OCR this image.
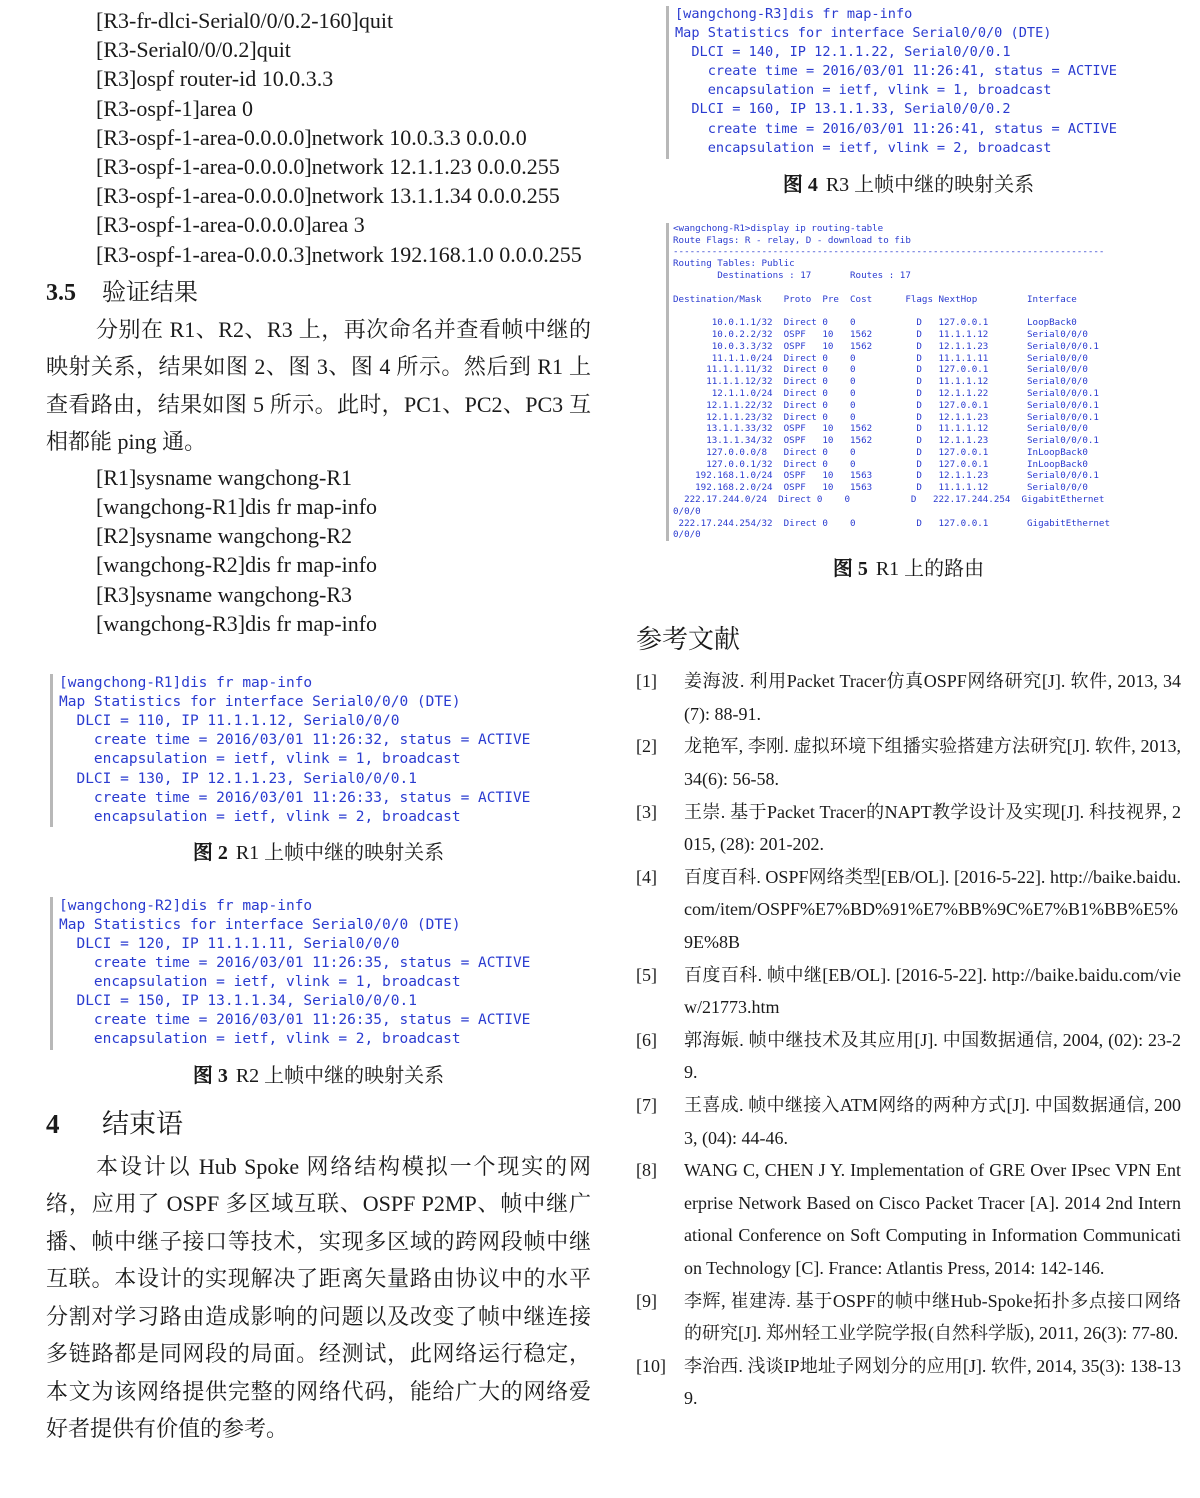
[R3-fr-dlci-Serial0/0/0.2-160]quit
[R3-Serial0/0/0.2]quit
[R3]ospf router-id 10.0.3.3
[R3-ospf-1]area 0
[R3-ospf-1-area-0.0.0.0]network 10.0.3.3 0.0.0.0
[R3-ospf-1-area-0.0.0.0]network 12.1.1.23 0.0.0.255
[R3-ospf-1-area-0.0.0.0]network 13.1.1.34 0.0.0.255
[R3-ospf-1-area-0.0.0.0]area 3
[R3-ospf-1-area-0.0.0.3]network 192.168.1.0 0.0.0.255
3.5 验证结果

分别在 R1、R2、R3 上，再次命名并查看帧中继的映射关系，结果如图 2、图 3、图 4 所示。然后到 R1 上查看路由，结果如图 5 所示。此时，PC1、PC2、PC3 互相都能 ping 通。

[R1]sysname wangchong-R1
[wangchong-R1]dis fr map-info
[R2]sysname wangchong-R2
[wangchong-R2]dis fr map-info
[R3]sysname wangchong-R3
[wangchong-R3]dis fr map-info
[wangchong-R1]dis fr map-info
Map Statistics for interface Serial0/0/0 (DTE)
DLCI = 110, IP 11.1.1.12, Serial0/0/0
create time = 2016/03/01 11:26:32, status = ACTIVE
encapsulation = ietf, vlink = 1, broadcast
DLCI = 130, IP 12.1.1.23, Serial0/0/0.1
create time = 2016/03/01 11:26:33, status = ACTIVE
encapsulation = ietf, vlink = 2, broadcast
图 2 R1 上帧中继的映射关系
[wangchong-R2]dis fr map-info
Map Statistics for interface Serial0/0/0 (DTE)
DLCI = 120, IP 11.1.1.11, Serial0/0/0
create time = 2016/03/01 11:26:35, status = ACTIVE
encapsulation = ietf, vlink = 1, broadcast
DLCI = 150, IP 13.1.1.34, Serial0/0/0.1
create time = 2016/03/01 11:26:35, status = ACTIVE
encapsulation = ietf, vlink = 2, broadcast
图 3 R2 上帧中继的映射关系
4 结束语

本设计以 Hub Spoke 网络结构模拟一个现实的网络，应用了 OSPF 多区域互联、OSPF P2MP、帧中继广播、帧中继子接口等技术，实现多区域的跨网段帧中继互联。本设计的实现解决了距离矢量路由协议中的水平分割对学习路由造成影响的问题以及改变了帧中继连接多链路都是同网段的局面。经测试，此网络运行稳定，本文为该网络提供完整的网络代码，能给广大的网络爱好者提供有价值的参考。

[wangchong-R3]dis fr map-info
Map Statistics for interface Serial0/0/0 (DTE)
DLCI = 140, IP 12.1.1.22, Serial0/0/0.1
create time = 2016/03/01 11:26:41, status = ACTIVE
encapsulation = ietf, vlink = 1, broadcast
DLCI = 160, IP 13.1.1.33, Serial0/0/0.2
create time = 2016/03/01 11:26:41, status = ACTIVE
encapsulation = ietf, vlink = 2, broadcast
图 4 R3 上帧中继的映射关系
<wangchong-R1>display ip routing-table
Route Flags: R - relay, D - download to fib
------------------------------------------------------------------------------
Routing Tables: Public
Destinations : 17       Routes : 17
Destination/Mask    Proto  Pre  Cost      Flags NextHop         Interface
10.0.1.1/32  Direct 0    0           D   127.0.0.1       LoopBack0
10.0.2.2/32  OSPF   10   1562        D   11.1.1.12       Serial0/0/0
10.0.3.3/32  OSPF   10   1562        D   12.1.1.23       Serial0/0/0.1
11.1.1.0/24  Direct 0    0           D   11.1.1.11       Serial0/0/0
11.1.1.11/32  Direct 0    0           D   127.0.0.1       Serial0/0/0
11.1.1.12/32  Direct 0    0           D   11.1.1.12       Serial0/0/0
12.1.1.0/24  Direct 0    0           D   12.1.1.22       Serial0/0/0.1
12.1.1.22/32  Direct 0    0           D   127.0.0.1       Serial0/0/0.1
12.1.1.23/32  Direct 0    0           D   12.1.1.23       Serial0/0/0.1
13.1.1.33/32  OSPF   10   1562        D   11.1.1.12       Serial0/0/0
13.1.1.34/32  OSPF   10   1562        D   12.1.1.23       Serial0/0/0.1
127.0.0.0/8   Direct 0    0           D   127.0.0.1       InLoopBack0
127.0.0.1/32  Direct 0    0           D   127.0.0.1       InLoopBack0
192.168.1.0/24  OSPF   10   1563        D   12.1.1.23       Serial0/0/0.1
192.168.2.0/24  OSPF   10   1563        D   11.1.1.12       Serial0/0/0
222.17.244.0/24  Direct 0    0           D   222.17.244.254  GigabitEthernet
0/0/0
222.17.244.254/32  Direct 0    0           D   127.0.0.1       GigabitEthernet
0/0/0
图 5 R1 上的路由
参考文献
[1]	姜海波. 利用Packet Tracer仿真OSPF网络研究[J]. 软件, 2013, 34(7): 88-91.
[2]	龙艳军, 李刚. 虚拟环境下组播实验搭建方法研究[J]. 软件, 2013, 34(6): 56-58.
[3]	王崇. 基于Packet Tracer的NAPT教学设计及实现[J]. 科技视界, 2015, (28): 201-202.
[4]	百度百科. OSPF网络类型[EB/OL]. [2016-5-22]. http://baike.baidu.com/item/OSPF%E7%BD%91%E7%BB%9C%E7%B1%BB%E5%9E%8B
[5]	百度百科. 帧中继[EB/OL]. [2016-5-22]. http://baike.baidu.com/view/21773.htm
[6]	郭海娠. 帧中继技术及其应用[J]. 中国数据通信, 2004, (02): 23-29.
[7]	王喜成. 帧中继接入ATM网络的两种方式[J]. 中国数据通信, 2003, (04): 44-46.
[8]	WANG C, CHEN J Y. Implementation of GRE Over IPsec VPN Enterprise Network Based on Cisco Packet Tracer [A]. 2014 2nd International Conference on Soft Computing in Information Communication Technology [C]. France: Atlantis Press, 2014: 142-146.
[9]	李辉, 崔建涛. 基于OSPF的帧中继Hub-Spoke拓扑多点接口网络的研究[J]. 郑州轻工业学院学报(自然科学版), 2011, 26(3): 77-80.
[10]	李治西. 浅谈IP地址子网划分的应用[J]. 软件, 2014, 35(3): 138-139.
